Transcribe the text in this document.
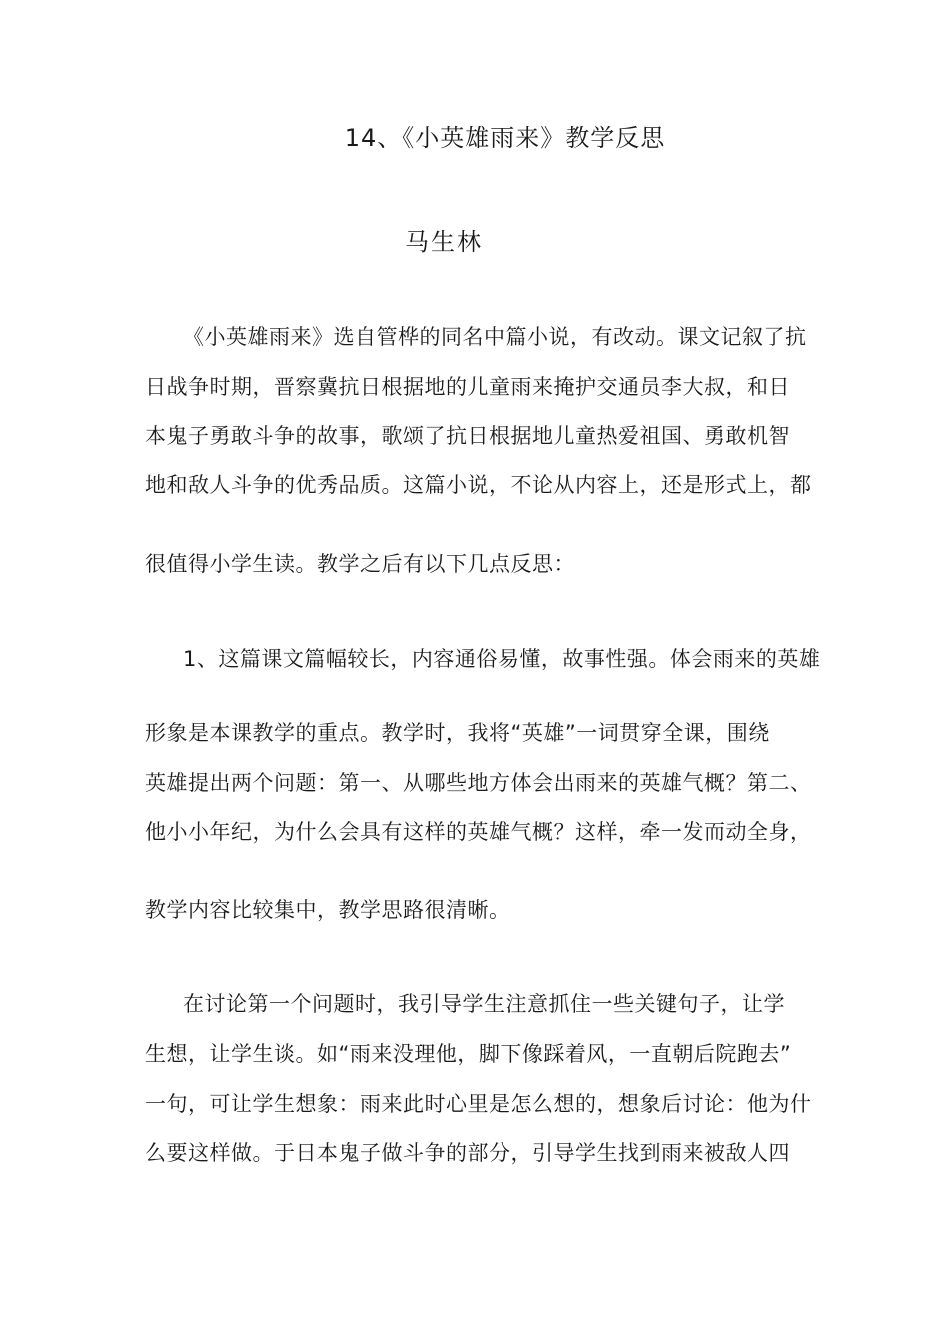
14、《小英雄雨来》教学反思
马生林
《小英雄雨来》选自管桦的同名中篇小说，有改动。课文记叙了抗
日战争时期，晋察冀抗日根据地的儿童雨来掩护交通员李大叔，和日
本鬼子勇敢斗争的故事，歌颂了抗日根据地儿童热爱祖国、勇敢机智
地和敌人斗争的优秀品质。这篇小说，不论从内容上，还是形式上，都
很值得小学生读。教学之后有以下几点反思：
1、这篇课文篇幅较长，内容通俗易懂，故事性强。体会雨来的英雄
形象是本课教学的重点。教学时，我将“英雄”一词贯穿全课，围绕
英雄提出两个问题：第一、从哪些地方体会出雨来的英雄气概？第二、
他小小年纪，为什么会具有这样的英雄气概？这样，牵一发而动全身，
教学内容比较集中，教学思路很清晰。
在讨论第一个问题时，我引导学生注意抓住一些关键句子，让学
生想，让学生谈。如“雨来没理他，脚下像踩着风，一直朝后院跑去”
一句，可让学生想象：雨来此时心里是怎么想的，想象后讨论：他为什
么要这样做。于日本鬼子做斗争的部分，引导学生找到雨来被敌人四
